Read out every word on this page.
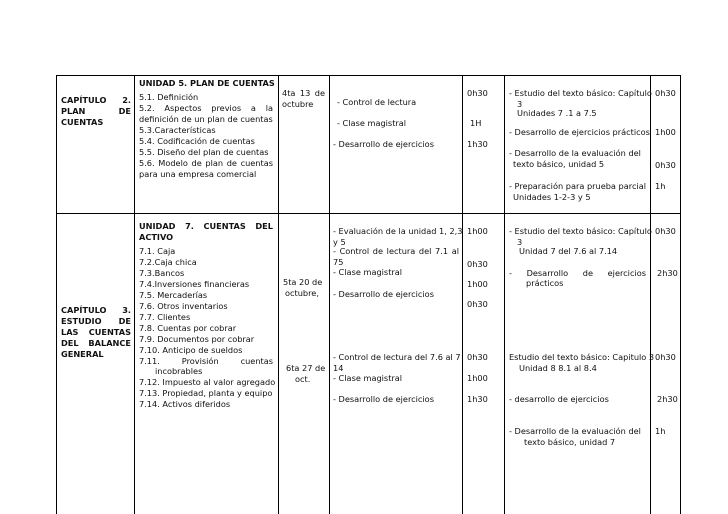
CAPÍTULO 2.
PLAN DE
CUENTAS
UNIDAD 5. PLAN DE CUENTAS
5.1. Definición
5.2. Aspectos previos a la
definición de un plan de cuentas
5.3.Características
5.4. Codificación de cuentas
5.5. Diseño del plan de cuentas
5.6. Modelo de plan de cuentas
para una empresa comercial
4ta 13 de
octubre	- Control de lectura
- Clase magistral
- Desarrollo de ejercicios
0h30
1H
1h30
- Estudio del texto básico: Capítulo
3
Unidades 7 .1 a 7.5
- Desarrollo de ejercicios prácticos
- Desarrollo de la evaluación del
texto básico, unidad 5
- Preparación para prueba parcial
Unidades 1-2-3 y 5
0h30
1h00
0h30
1h
CAPÍTULO 3.
ESTUDIO DE
LAS CUENTAS
DEL BALANCE
GENERAL
UNIDAD 7. CUENTAS DEL
ACTIVO
7.1. Caja
7.2.Caja chica
7.3.Bancos
7.4.Inversiones financieras
7.5. Mercaderías
7.6. Otros inventarios
7.7. Clientes
7.8. Cuentas por cobrar
7.9. Documentos por cobrar
7.10. Anticipo de sueldos
7.11. Provisión cuentas
incobrables
7.12. Impuesto al valor agregado
7.13. Propiedad, planta y equipo
7.14. Activos diferidos
5ta 20 de
octubre,
6ta 27 de
oct.
- Evaluación de la unidad 1, 2,3
y 5
- Control de lectura del 7.1 al
75
- Clase magistral
- Desarrollo de ejercicios
- Control de lectura del 7.6 al 7
14
- Clase magistral
- Desarrollo de ejercicios
1h00
0h30
1h00
0h30
0h30
1h00
1h30
- Estudio del texto básico: Capítulo
3
Unidad 7 del 7.6 al 7.14
- Desarrollo de ejercicios
prácticos
Estudio del texto básico: Capitulo 3
Unidad 8 8.1 al 8.4
- desarrollo de ejercicios
- Desarrollo de la evaluación del
texto básico, unidad 7
0h30
2h30
0h30
2h30
1h
